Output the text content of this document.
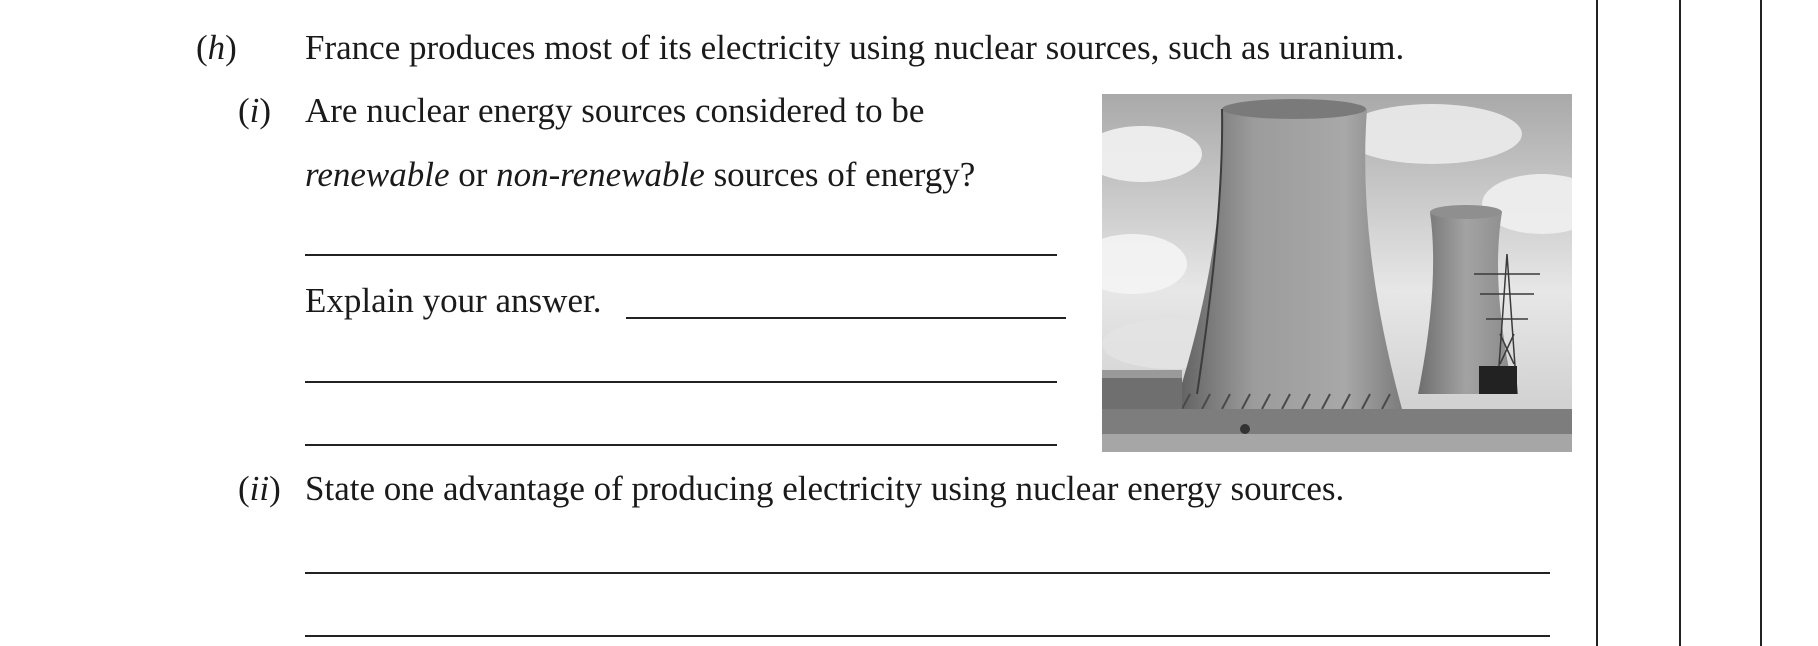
(h) France produces most of its electricity using nuclear sources, such as uranium.
(i) Are nuclear energy sources considered to be
renewable or non-renewable sources of energy?
Explain your answer.
(ii) State one advantage of producing electricity using nuclear energy sources.
